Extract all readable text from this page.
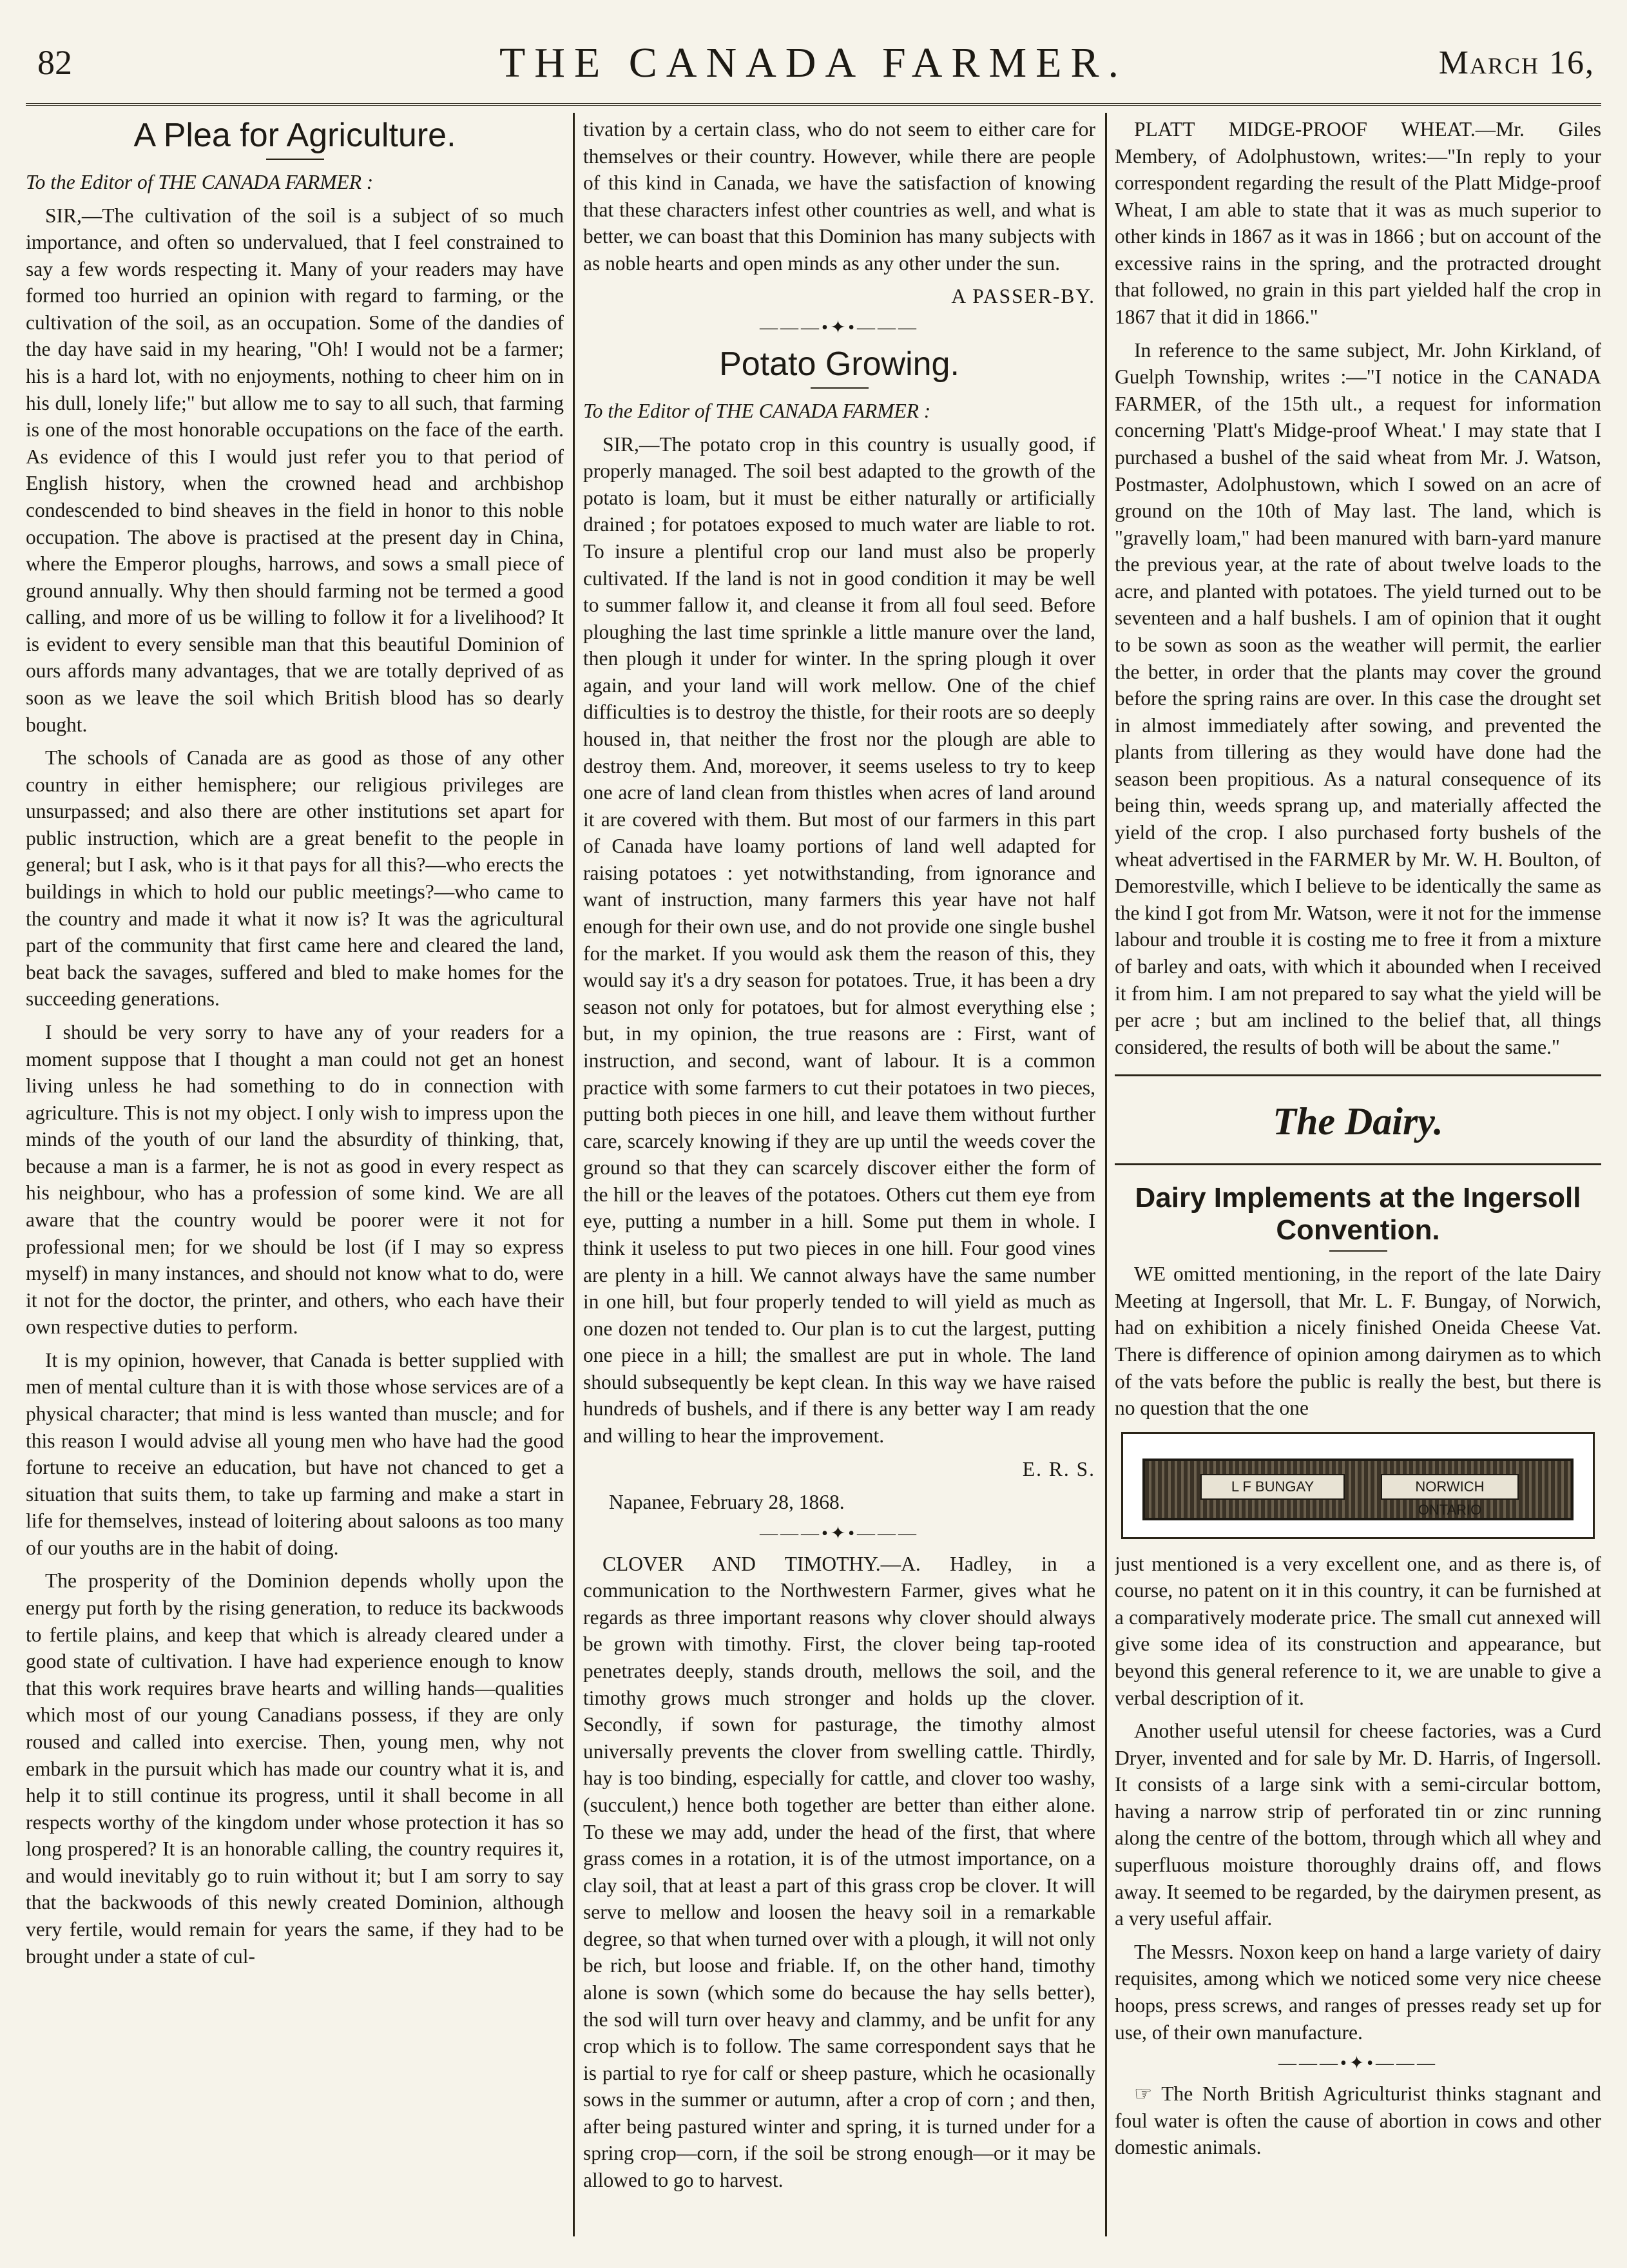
82	THE CANADA FARMER.	March 16,
A Plea for Agriculture.

To the Editor of THE CANADA FARMER :

SIR,—The cultivation of the soil is a subject of so much importance, and often so undervalued, that I feel constrained to say a few words respecting it. Many of your readers may have formed too hurried an opinion with regard to farming, or the cultivation of the soil, as an occupation. Some of the dandies of the day have said in my hearing, "Oh! I would not be a farmer; his is a hard lot, with no enjoyments, nothing to cheer him on in his dull, lonely life;" but allow me to say to all such, that farming is one of the most honorable occupations on the face of the earth. As evidence of this I would just refer you to that period of English history, when the crowned head and archbishop condescended to bind sheaves in the field in honor to this noble occupation. The above is practised at the present day in China, where the Emperor ploughs, harrows, and sows a small piece of ground annually. Why then should farming not be termed a good calling, and more of us be willing to follow it for a livelihood? It is evident to every sensible man that this beautiful Dominion of ours affords many advantages, that we are totally deprived of as soon as we leave the soil which British blood has so dearly bought.

The schools of Canada are as good as those of any other country in either hemisphere; our religious privileges are unsurpassed; and also there are other institutions set apart for public instruction, which are a great benefit to the people in general; but I ask, who is it that pays for all this?—who erects the buildings in which to hold our public meetings?—who came to the country and made it what it now is? It was the agricultural part of the community that first came here and cleared the land, beat back the savages, suffered and bled to make homes for the succeeding generations.

I should be very sorry to have any of your readers for a moment suppose that I thought a man could not get an honest living unless he had something to do in connection with agriculture. This is not my object. I only wish to impress upon the minds of the youth of our land the absurdity of thinking, that, because a man is a farmer, he is not as good in every respect as his neighbour, who has a profession of some kind. We are all aware that the country would be poorer were it not for professional men; for we should be lost (if I may so express myself) in many instances, and should not know what to do, were it not for the doctor, the printer, and others, who each have their own respective duties to perform.

It is my opinion, however, that Canada is better supplied with men of mental culture than it is with those whose services are of a physical character; that mind is less wanted than muscle; and for this reason I would advise all young men who have had the good fortune to receive an education, but have not chanced to get a situation that suits them, to take up farming and make a start in life for themselves, instead of loitering about saloons as too many of our youths are in the habit of doing.

The prosperity of the Dominion depends wholly upon the energy put forth by the rising generation, to reduce its backwoods to fertile plains, and keep that which is already cleared under a good state of cultivation. I have had experience enough to know that this work requires brave hearts and willing hands—qualities which most of our young Canadians possess, if they are only roused and called into exercise. Then, young men, why not embark in the pursuit which has made our country what it is, and help it to still continue its progress, until it shall become in all respects worthy of the kingdom under whose protection it has so long prospered? It is an honorable calling, the country requires it, and would inevitably go to ruin without it; but I am sorry to say that the backwoods of this newly created Dominion, although very fertile, would remain for years the same, if they had to be brought under a state of cul-

tivation by a certain class, who do not seem to either care for themselves or their country. However, while there are people of this kind in Canada, we have the satisfaction of knowing that these characters infest other countries as well, and what is better, we can boast that this Dominion has many subjects with as noble hearts and open minds as any other under the sun.

A PASSER-BY.

———•✦•———
Potato Growing.

To the Editor of THE CANADA FARMER :

SIR,—The potato crop in this country is usually good, if properly managed. The soil best adapted to the growth of the potato is loam, but it must be either naturally or artificially drained ; for potatoes exposed to much water are liable to rot. To insure a plentiful crop our land must also be properly cultivated. If the land is not in good condition it may be well to summer fallow it, and cleanse it from all foul seed. Before ploughing the last time sprinkle a little manure over the land, then plough it under for winter. In the spring plough it over again, and your land will work mellow. One of the chief difficulties is to destroy the thistle, for their roots are so deeply housed in, that neither the frost nor the plough are able to destroy them. And, moreover, it seems useless to try to keep one acre of land clean from thistles when acres of land around it are covered with them. But most of our farmers in this part of Canada have loamy portions of land well adapted for raising potatoes : yet notwithstanding, from ignorance and want of instruction, many farmers this year have not half enough for their own use, and do not provide one single bushel for the market. If you would ask them the reason of this, they would say it's a dry season for potatoes. True, it has been a dry season not only for potatoes, but for almost everything else ; but, in my opinion, the true reasons are : First, want of instruction, and second, want of labour. It is a common practice with some farmers to cut their potatoes in two pieces, putting both pieces in one hill, and leave them without further care, scarcely knowing if they are up until the weeds cover the ground so that they can scarcely discover either the form of the hill or the leaves of the potatoes. Others cut them eye from eye, putting a number in a hill. Some put them in whole. I think it useless to put two pieces in one hill. Four good vines are plenty in a hill. We cannot always have the same number in one hill, but four properly tended to will yield as much as one dozen not tended to. Our plan is to cut the largest, putting one piece in a hill; the smallest are put in whole. The land should subsequently be kept clean. In this way we have raised hundreds of bushels, and if there is any better way I am ready and willing to hear the improvement.

E. R. S.

Napanee, February 28, 1868.

———•✦•———

CLOVER AND TIMOTHY.—A. Hadley, in a communication to the Northwestern Farmer, gives what he regards as three important reasons why clover should always be grown with timothy. First, the clover being tap-rooted penetrates deeply, stands drouth, mellows the soil, and the timothy grows much stronger and holds up the clover. Secondly, if sown for pasturage, the timothy almost universally prevents the clover from swelling cattle. Thirdly, hay is too binding, especially for cattle, and clover too washy, (succulent,) hence both together are better than either alone. To these we may add, under the head of the first, that where grass comes in a rotation, it is of the utmost importance, on a clay soil, that at least a part of this grass crop be clover. It will serve to mellow and loosen the heavy soil in a remarkable degree, so that when turned over with a plough, it will not only be rich, but loose and friable. If, on the other hand, timothy alone is sown (which some do because the hay sells better), the sod will turn over heavy and clammy, and be unfit for any crop which is to follow. The same correspondent says that he is partial to rye for calf or sheep pasture, which he ocasionally sows in the summer or autumn, after a crop of corn ; and then, after being pastured winter and spring, it is turned under for a spring crop—corn, if the soil be strong enough—or it may be allowed to go to harvest.

PLATT MIDGE-PROOF WHEAT.—Mr. Giles Membery, of Adolphustown, writes:—"In reply to your correspondent regarding the result of the Platt Midge-proof Wheat, I am able to state that it was as much superior to other kinds in 1867 as it was in 1866 ; but on account of the excessive rains in the spring, and the protracted drought that followed, no grain in this part yielded half the crop in 1867 that it did in 1866."

In reference to the same subject, Mr. John Kirkland, of Guelph Township, writes :—"I notice in the CANADA FARMER, of the 15th ult., a request for information concerning 'Platt's Midge-proof Wheat.' I may state that I purchased a bushel of the said wheat from Mr. J. Watson, Postmaster, Adolphustown, which I sowed on an acre of ground on the 10th of May last. The land, which is "gravelly loam," had been manured with barn-yard manure the previous year, at the rate of about twelve loads to the acre, and planted with potatoes. The yield turned out to be seventeen and a half bushels. I am of opinion that it ought to be sown as soon as the weather will permit, the earlier the better, in order that the plants may cover the ground before the spring rains are over. In this case the drought set in almost immediately after sowing, and prevented the plants from tillering as they would have done had the season been propitious. As a natural consequence of its being thin, weeds sprang up, and materially affected the yield of the crop. I also purchased forty bushels of the wheat advertised in the FARMER by Mr. W. H. Boulton, of Demorestville, which I believe to be identically the same as the kind I got from Mr. Watson, were it not for the immense labour and trouble it is costing me to free it from a mixture of barley and oats, with which it abounded when I received it from him. I am not prepared to say what the yield will be per acre ; but am inclined to the belief that, all things considered, the results of both will be about the same."

The Dairy.
Dairy Implements at the Ingersoll Convention.

WE omitted mentioning, in the report of the late Dairy Meeting at Ingersoll, that Mr. L. F. Bungay, of Norwich, had on exhibition a nicely finished Oneida Cheese Vat. There is difference of opinion among dairymen as to which of the vats before the public is really the best, but there is no question that the one

L F BUNGAY	NORWICH ONTARIO

just mentioned is a very excellent one, and as there is, of course, no patent on it in this country, it can be furnished at a comparatively moderate price. The small cut annexed will give some idea of its construction and appearance, but beyond this general reference to it, we are unable to give a verbal description of it.

Another useful utensil for cheese factories, was a Curd Dryer, invented and for sale by Mr. D. Harris, of Ingersoll. It consists of a large sink with a semi-circular bottom, having a narrow strip of perforated tin or zinc running along the centre of the bottom, through which all whey and superfluous moisture thoroughly drains off, and flows away. It seemed to be regarded, by the dairymen present, as a very useful affair.

The Messrs. Noxon keep on hand a large variety of dairy requisites, among which we noticed some very nice cheese hoops, press screws, and ranges of presses ready set up for use, of their own manufacture.

———•✦•———

☞ The North British Agriculturist thinks stagnant and foul water is often the cause of abortion in cows and other domestic animals.
